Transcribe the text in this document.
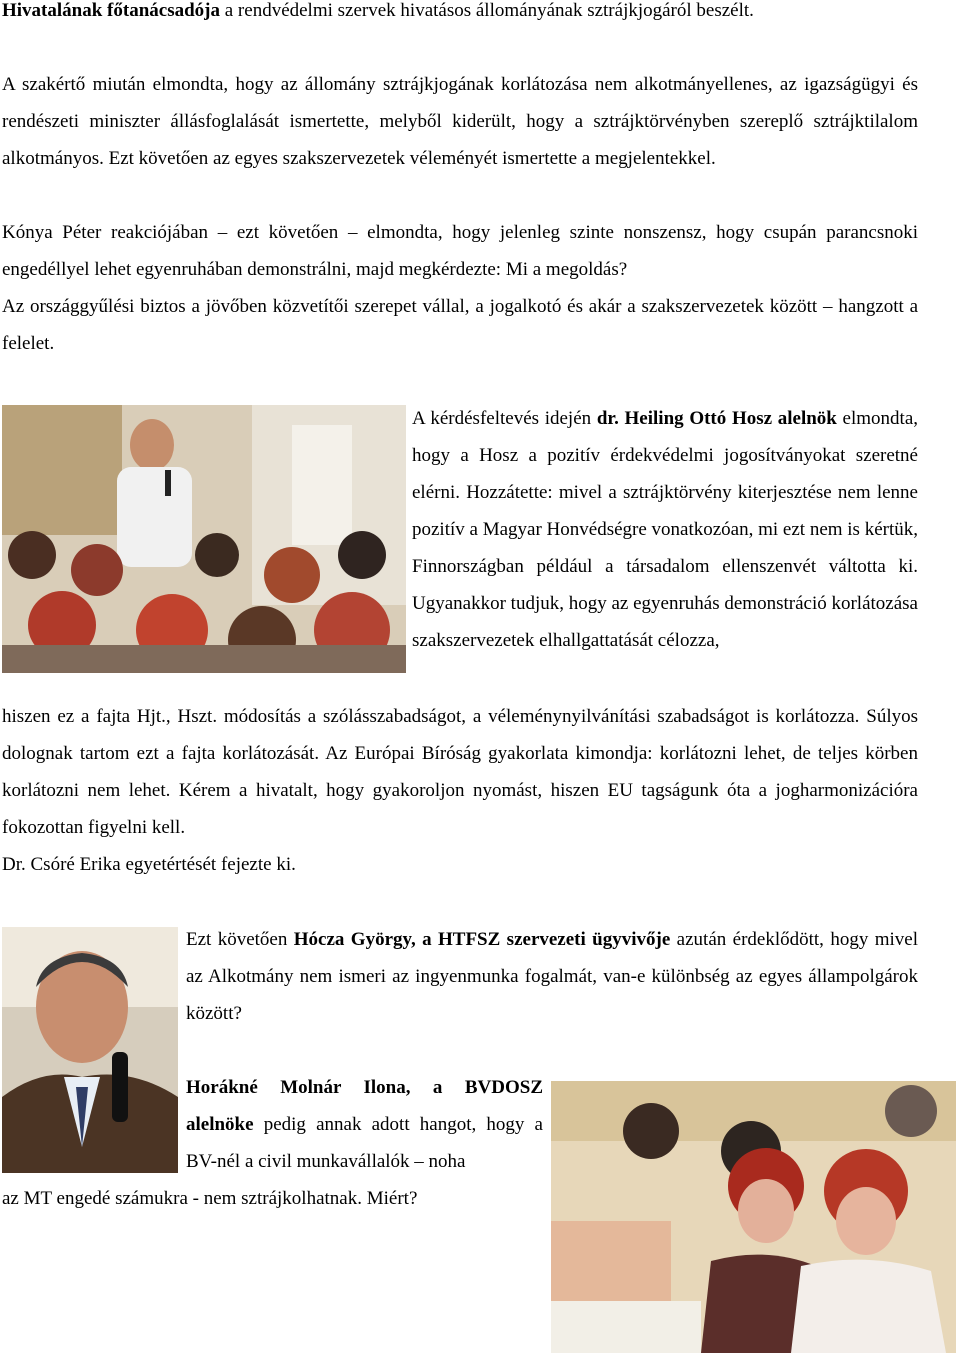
Hivatalának főtanácsadója a rendvédelmi szervek hivatásos állományának sztrájkjogáról beszélt.

A szakértő miután elmondta, hogy az állomány sztrájkjogának korlátozása nem alkotmányellenes, az igazságügyi és rendészeti miniszter állásfoglalását ismertette, melyből kiderült, hogy a sztrájktörvényben szereplő sztrájktilalom alkotmányos. Ezt követően az egyes szakszervezetek véleményét ismertette a megjelentekkel.

Kónya Péter reakciójában – ezt követően – elmondta, hogy jelenleg szinte nonszensz, hogy csupán parancsnoki engedéllyel lehet egyenruhában demonstrálni, majd megkérdezte: Mi a megoldás?

Az országgyűlési biztos a jövőben közvetítői szerepet vállal, a jogalkotó és akár a szakszervezetek között – hangzott a felelet.

A kérdésfeltevés idején dr. Heiling Ottó Hosz alelnök elmondta, hogy a Hosz a pozitív érdekvédelmi jogosítványokat szeretné elérni. Hozzátette: mivel a sztrájktörvény kiterjesztése nem lenne pozitív a Magyar Honvédségre vonatkozóan, mi ezt nem is kértük, Finnországban például a társadalom ellenszenvét váltotta ki. Ugyanakkor tudjuk, hogy az egyenruhás demonstráció korlátozása szakszervezetek elhallgattatását célozza,

hiszen ez a fajta Hjt., Hszt. módosítás a szólásszabadságot, a véleménynyilvánítási szabadságot is korlátozza. Súlyos dolognak tartom ezt a fajta korlátozását. Az Európai Bíróság gyakorlata kimondja: korlátozni lehet, de teljes körben korlátozni nem lehet. Kérem a hivatalt, hogy gyakoroljon nyomást, hiszen EU tagságunk óta a jogharmonizációra fokozottan figyelni kell.

Dr. Csóré Erika egyetértését fejezte ki.

Ezt követően Hócza György, a HTFSZ szervezeti ügyvivője azután érdeklődött, hogy mivel az Alkotmány nem ismeri az ingyenmunka fogalmát, van-e különbség az egyes állampolgárok között?

Horákné Molnár Ilona, a BVDOSZ alelnöke pedig annak adott hangot, hogy a BV-nél a civil munkavállalók – noha

az MT engedé számukra - nem sztrájkolhatnak. Miért?
